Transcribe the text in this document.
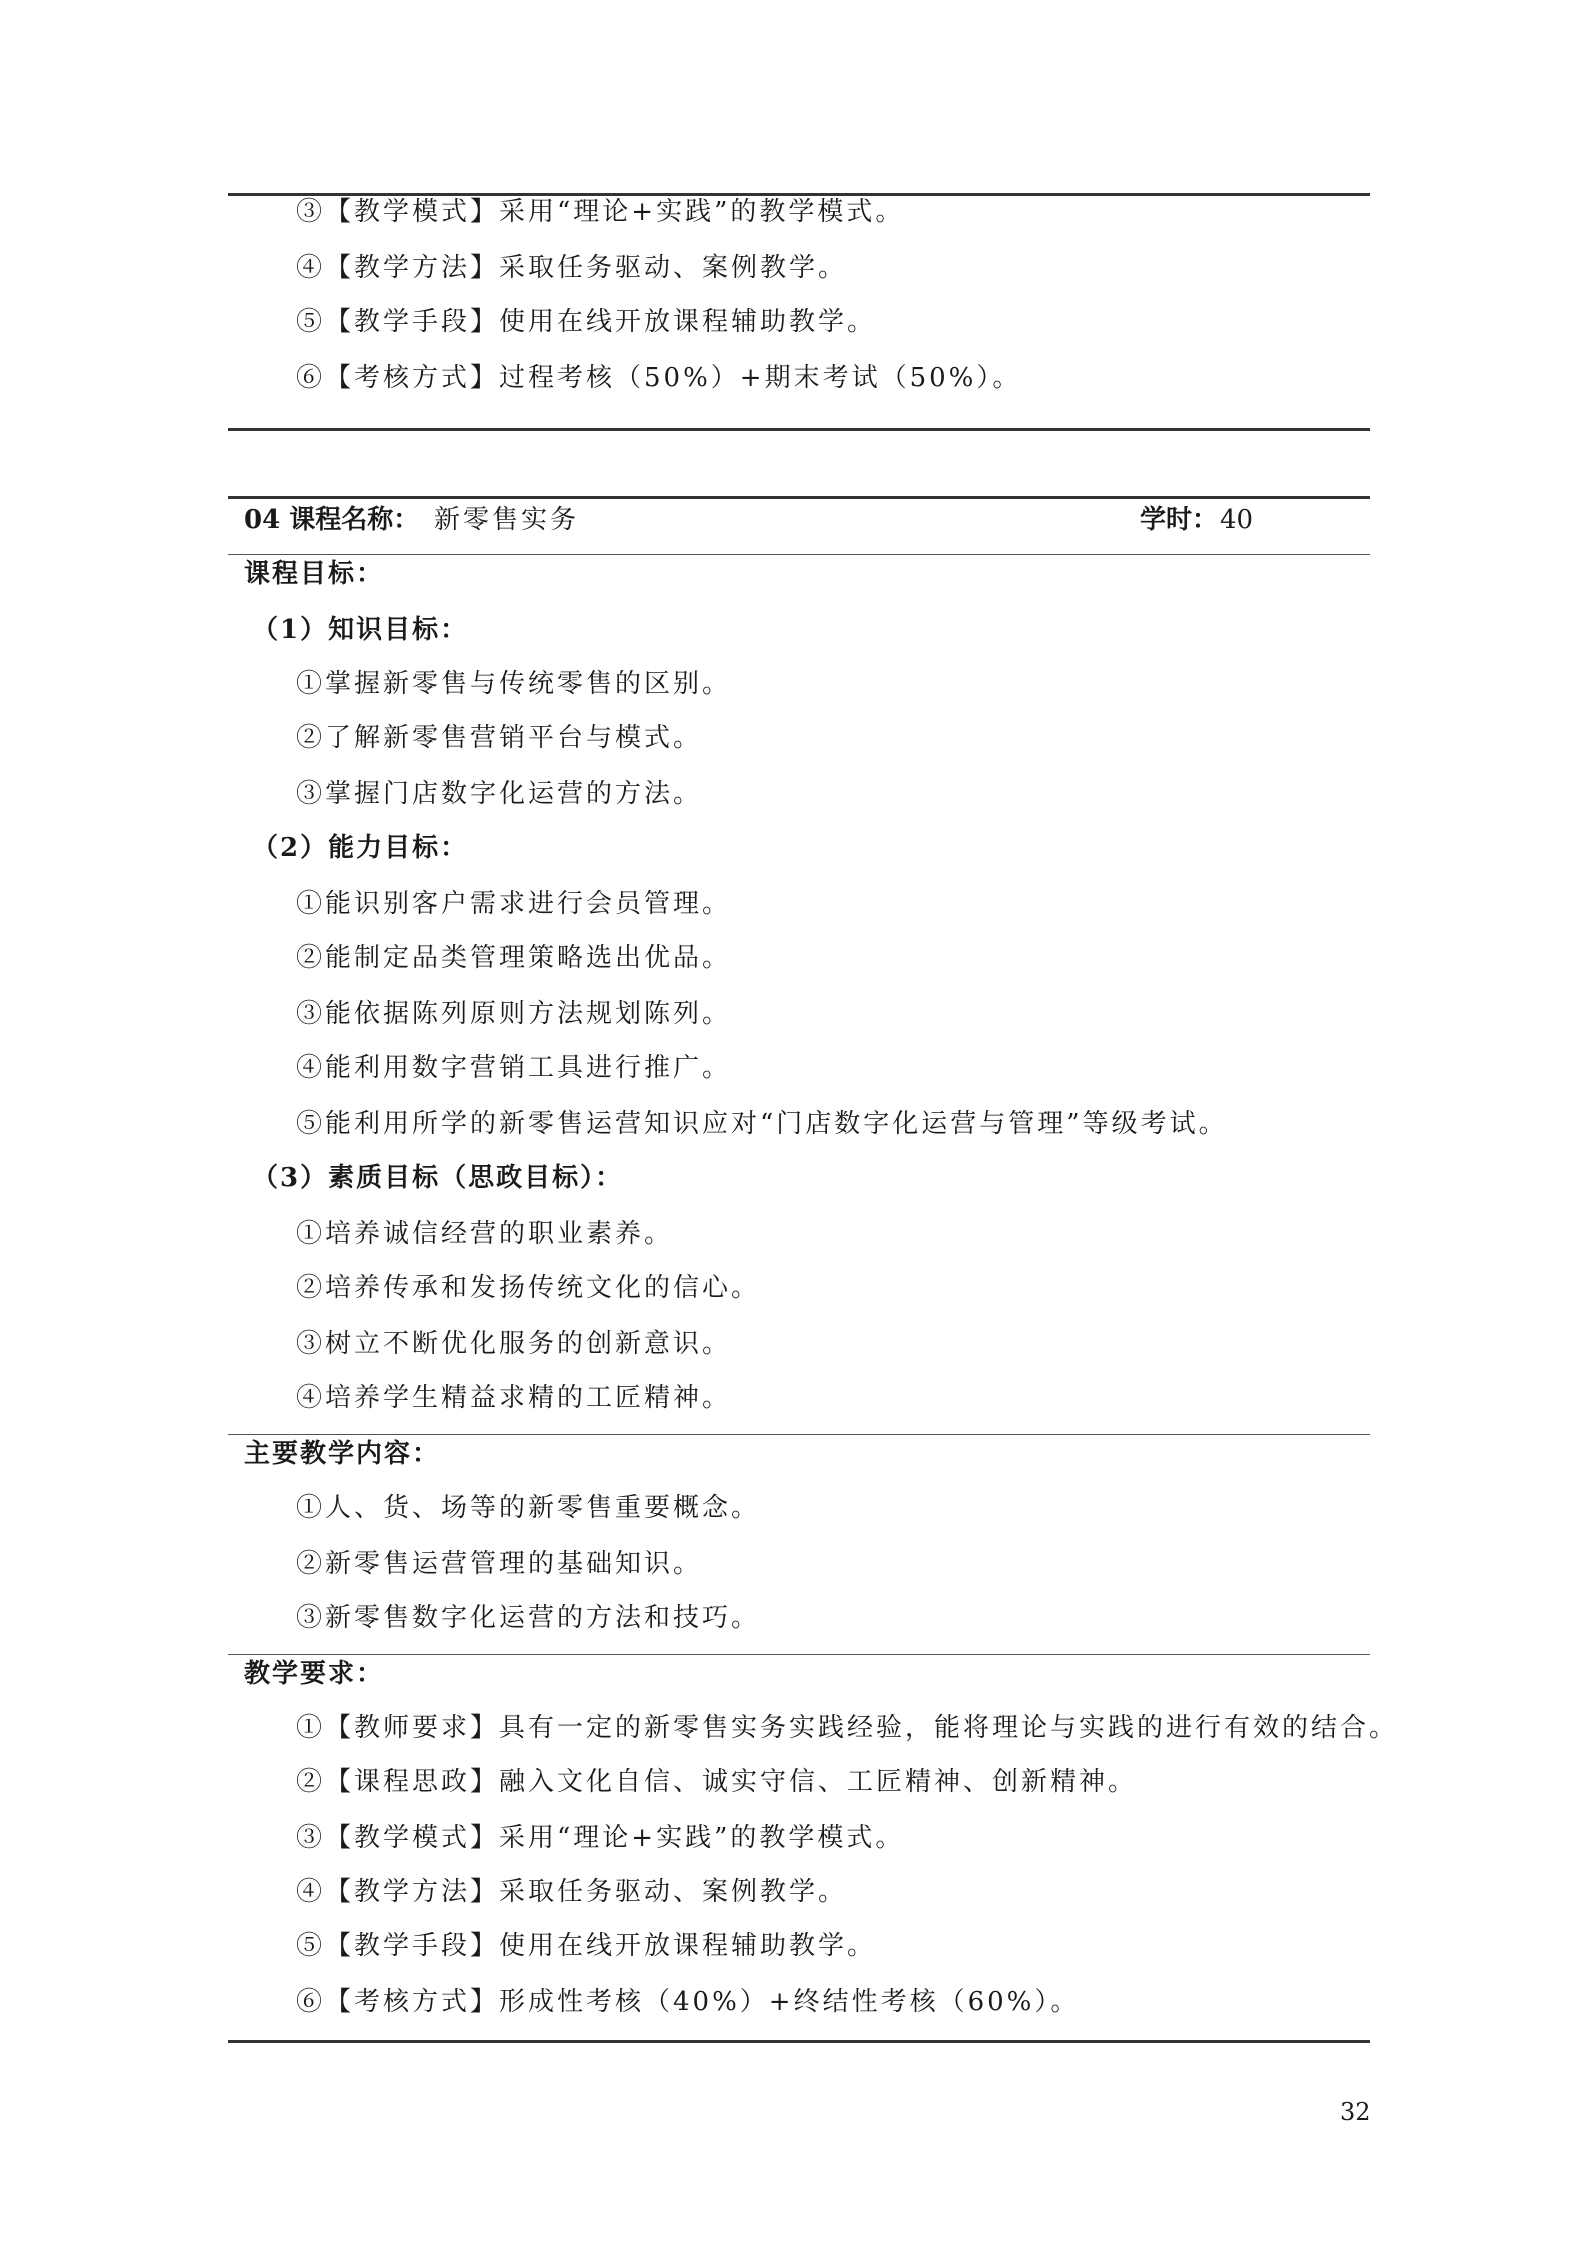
③【教学模式】采用“理论+实践”的教学模式。
④【教学方法】采取任务驱动、案例教学。
⑤【教学手段】使用在线开放课程辅助教学。
⑥【考核方式】过程考核（50%）+期末考试（50%）。
04 课程名称： 新零售实务	学时： 40
课程目标：
（1）知识目标：
①掌握新零售与传统零售的区别。
②了解新零售营销平台与模式。
③掌握门店数字化运营的方法。
（2）能力目标：
①能识别客户需求进行会员管理。
②能制定品类管理策略选出优品。
③能依据陈列原则方法规划陈列。
④能利用数字营销工具进行推广。
⑤能利用所学的新零售运营知识应对“门店数字化运营与管理”等级考试。
（3）素质目标（思政目标）：
①培养诚信经营的职业素养。
②培养传承和发扬传统文化的信心。
③树立不断优化服务的创新意识。
④培养学生精益求精的工匠精神。
主要教学内容：
①人、货、场等的新零售重要概念。
②新零售运营管理的基础知识。
③新零售数字化运营的方法和技巧。
教学要求：
①【教师要求】具有一定的新零售实务实践经验，能将理论与实践的进行有效的结合。
②【课程思政】融入文化自信、诚实守信、工匠精神、创新精神。
③【教学模式】采用“理论+实践”的教学模式。
④【教学方法】采取任务驱动、案例教学。
⑤【教学手段】使用在线开放课程辅助教学。
⑥【考核方式】形成性考核（40%）+终结性考核（60%）。
32
